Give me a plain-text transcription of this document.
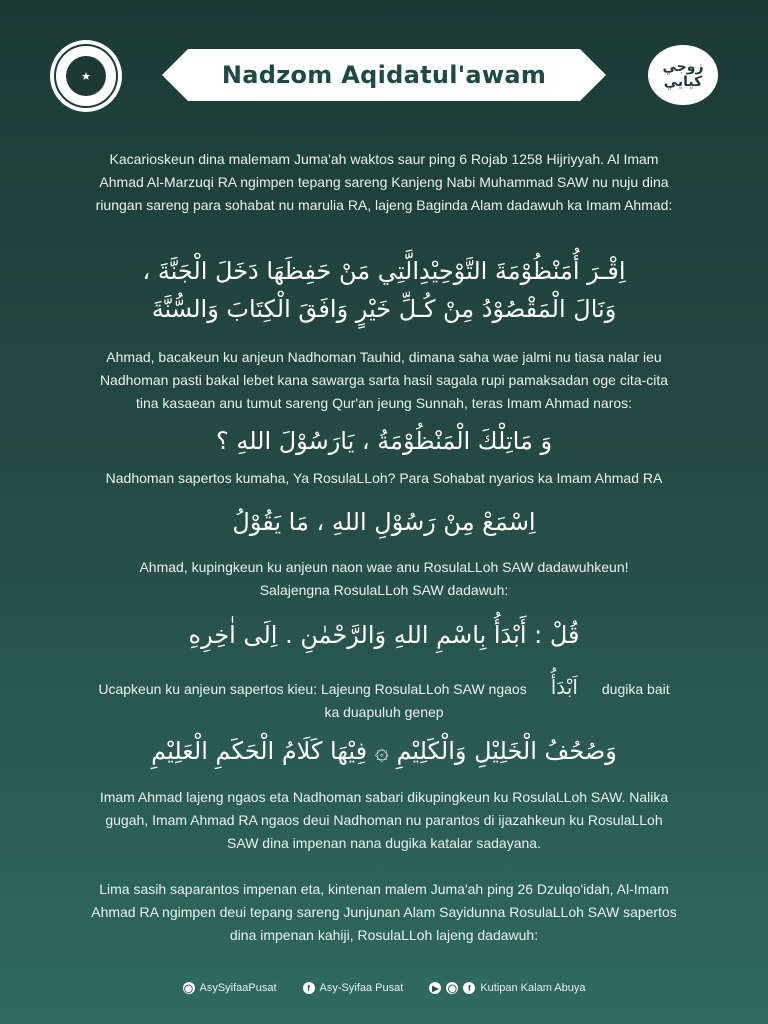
★	Nadzom Aqidatul'awam	زوجي كيايي

Kacarioskeun dina malemam Juma'ah waktos saur ping 6 Rojab 1258 Hijriyyah. Al Imam Ahmad Al-Marzuqi RA ngimpen tepang sareng Kanjeng Nabi Muhammad SAW nu nuju dina riungan sareng para sohabat nu marulia RA, lajeng Baginda Alam dadawuh ka Imam Ahmad:

اِقْـرَ أُمَنْظُوْمَةَ التَّوْحِيْدِالَّتِي مَنْ حَفِظَهَا دَخَلَ الْجَنَّةَ ،

وَنَالَ الْمَقْصُوْدُ مِنْ كُـلِّ خَيْرٍ وَافَقَ الْكِتَابَ وَالسُّنَّةَ

Ahmad, bacakeun ku anjeun Nadhoman Tauhid, dimana saha wae jalmi nu tiasa nalar ieu Nadhoman pasti bakal lebet kana sawarga sarta hasil sagala rupi pamaksadan oge cita-cita tina kasaean anu tumut sareng Qur'an jeung Sunnah, teras Imam Ahmad naros:

وَ مَاتِلْكَ الْمَنْظُوْمَةُ ، يَارَسُوْلَ اللهِ ؟

Nadhoman sapertos kumaha, Ya RosulaLLoh? Para Sohabat nyarios ka Imam Ahmad RA

اِسْمَعْ مِنْ رَسُوْلِ اللهِ ، مَا يَقُوْلُ

Ahmad, kupingkeun ku anjeun naon wae anu RosulaLLoh SAW dadawuhkeun!

Salajengna RosulaLLoh SAW dadawuh:

قُلْ : أَبْدَأُ بِاسْمِ اللهِ وَالرَّحْمٰنِ . اِلَى اٰخِرِهِ

Ucapkeun ku anjeun sapertos kieu: Lajeung RosulaLLoh SAW ngaos اَبْدَأُ dugika bait ka duapuluh genep

وَصُحُفُ الْخَلِيْلِ وَالْكَلِيْمِ ۞ فِيْهَا كَلَامُ الْحَكَمِ الْعَلِيْمِ

Imam Ahmad lajeng ngaos eta Nadhoman sabari dikupingkeun ku RosulaLLoh SAW. Nalika gugah, Imam Ahmad RA ngaos deui Nadhoman nu parantos di ijazahkeun ku RosulaLLoh SAW dina impenan nana dugika katalar sadayana.

Lima sasih saparantos impenan eta, kintenan malem Juma'ah ping 26 Dzulqo'idah, Al-Imam Ahmad RA ngimpen deui tepang sareng Junjunan Alam Sayidunna RosulaLLoh SAW sapertos dina impenan kahiji, RosulaLLoh lajeng dadawuh:

◯ AsySyifaaPusat	f Asy-Syifaa Pusat	▶	◯	f Kutipan Kalam Abuya
